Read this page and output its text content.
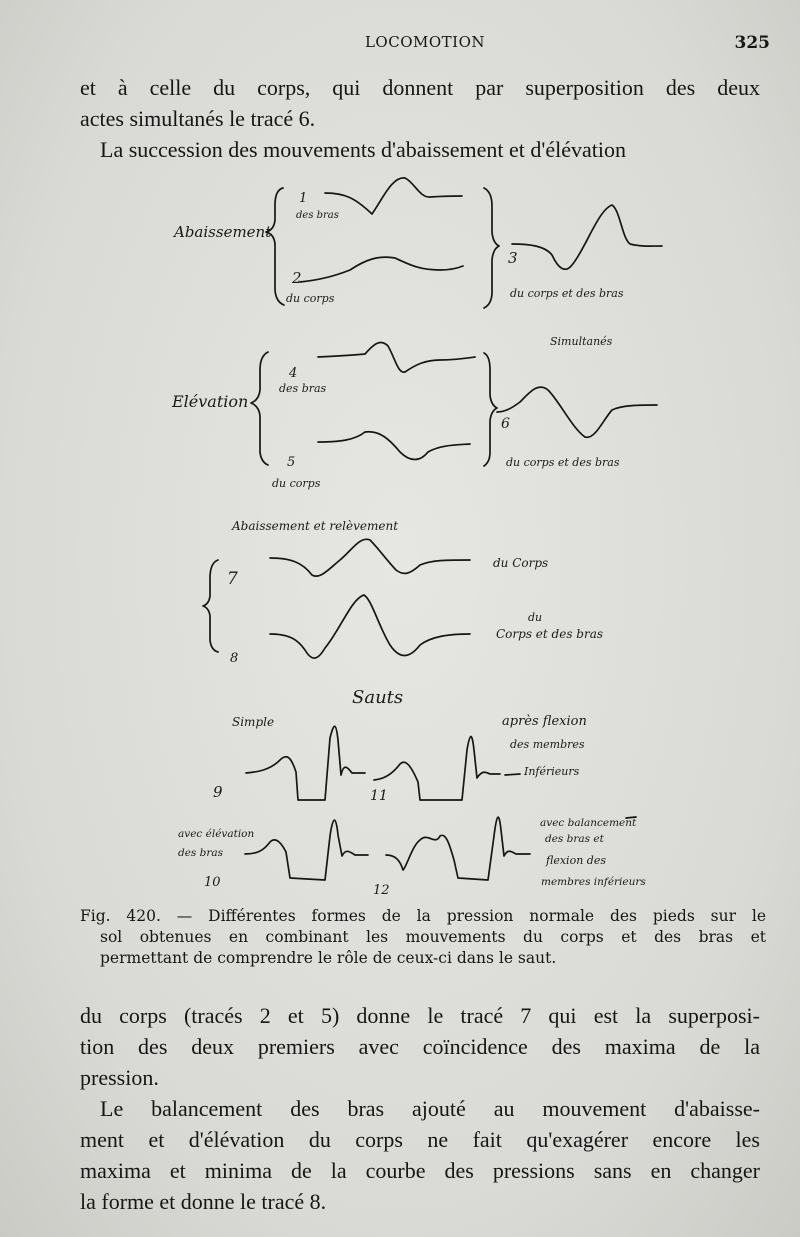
LOCOMOTION	325
et à celle du corps, qui donnent par superposition des deux
actes simultanés le tracé 6.
La succession des mouvements d'abaissement et d'élévation
Abaissement
1
des bras
2
du corps
3
du corps et des bras
Simultanés
Elévation
4
des bras
5
du corps
6
du corps et des bras
Abaissement et relèvement
7
du Corps
8
du
Corps et des bras
Sauts
Simple	après flexion
des membres
Inférieurs
9	11
avec élévation
des bras
10
12
avec balancement
des bras et
flexion des
membres inférieurs
Fig. 420. — Différentes formes de la pression normale des pieds sur le
sol obtenues en combinant les mouvements du corps et des bras et
permettant de comprendre le rôle de ceux-ci dans le saut.
du corps (tracés 2 et 5) donne le tracé 7 qui est la superposi-
tion des deux premiers avec coïncidence des maxima de la
pression.
Le balancement des bras ajouté au mouvement d'abaisse-
ment et d'élévation du corps ne fait qu'exagérer encore les
maxima et minima de la courbe des pressions sans en changer
la forme et donne le tracé 8.
